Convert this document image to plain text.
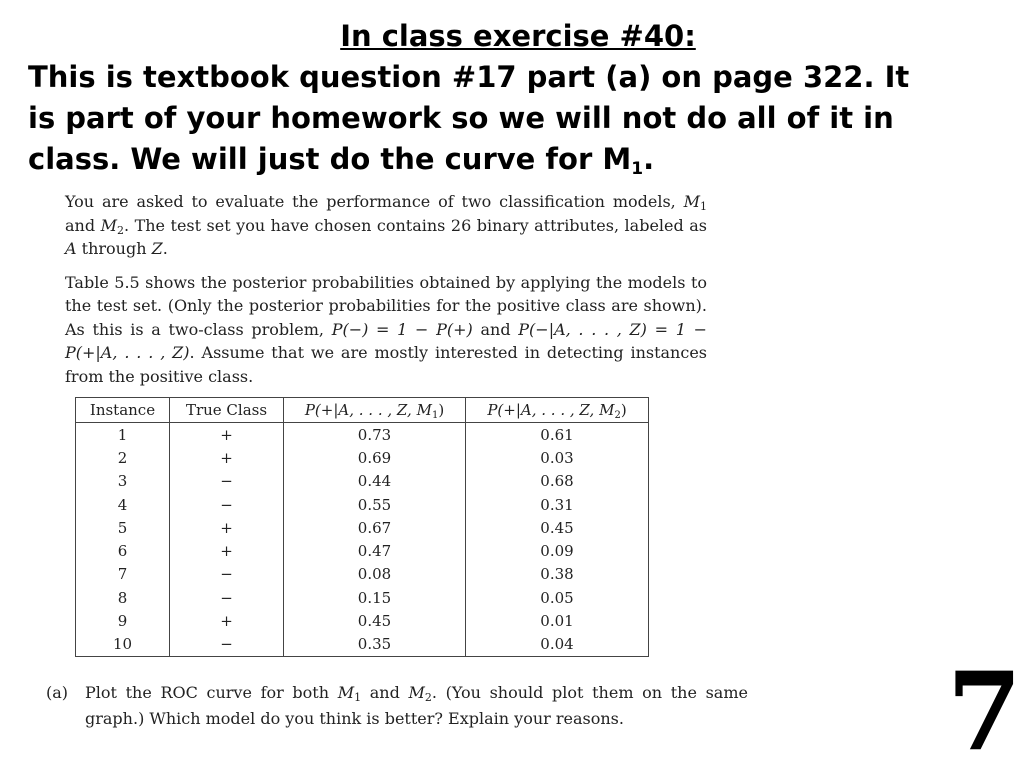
In class exercise #40:
This is textbook question #17 part (a) on page 322. It
is part of your homework so we will not do all of it in
class. We will just do the curve for $M_1$.

You are asked to evaluate the performance of two classification models, $M_1$ and $M_2$. The test set you have chosen contains 26 binary attributes, labeled as A through Z.

Table 5.5 shows the posterior probabilities obtained by applying the models to the test set. (Only the posterior probabilities for the positive class are shown). As this is a two-class problem, P(−) = 1 − P(+) and P(−|A, . . . , Z) = 1 − P(+|A, . . . , Z). Assume that we are mostly interested in detecting instances from the positive class.

Instance	True Class	P(+|A, . . . , Z, $M_1$)	P(+|A, . . . , Z, $M_2$)
1	+	0.73	0.61
2	+	0.69	0.03
3	−	0.44	0.68
4	−	0.55	0.31
5	+	0.67	0.45
6	+	0.47	0.09
7	−	0.08	0.38
8	−	0.15	0.05
9	+	0.45	0.01
10	−	0.35	0.04
(a) Plot the ROC curve for both $M_1$ and $M_2$. (You should plot them on the same graph.) Which model do you think is better? Explain your reasons.	7
